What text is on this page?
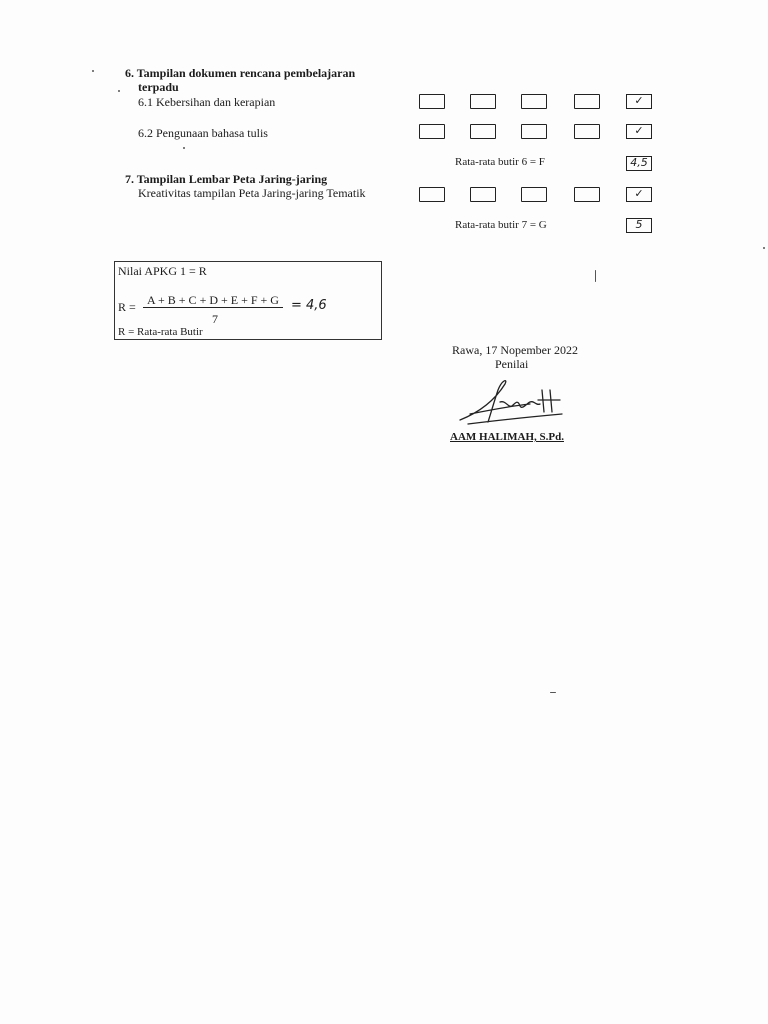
6. Tampilan dokumen rencana pembelajaran
terpadu
6.1 Kebersihan dan kerapian	✓
6.2 Pengunaan bahasa tulis	✓
Rata-rata butir 6 = F	4,5
7. Tampilan Lembar Peta Jaring-jaring
Kreativitas tampilan Peta Jaring-jaring Tematik	✓
Rata-rata butir 7 = G	5
Nilai APKG 1 = R
R = A + B + C + D + E + F + G
7
= 4,6
R = Rata-rata Butir
Rawa, 17 Nopember 2022
Penilai
AAM HALIMAH, S.Pd.
